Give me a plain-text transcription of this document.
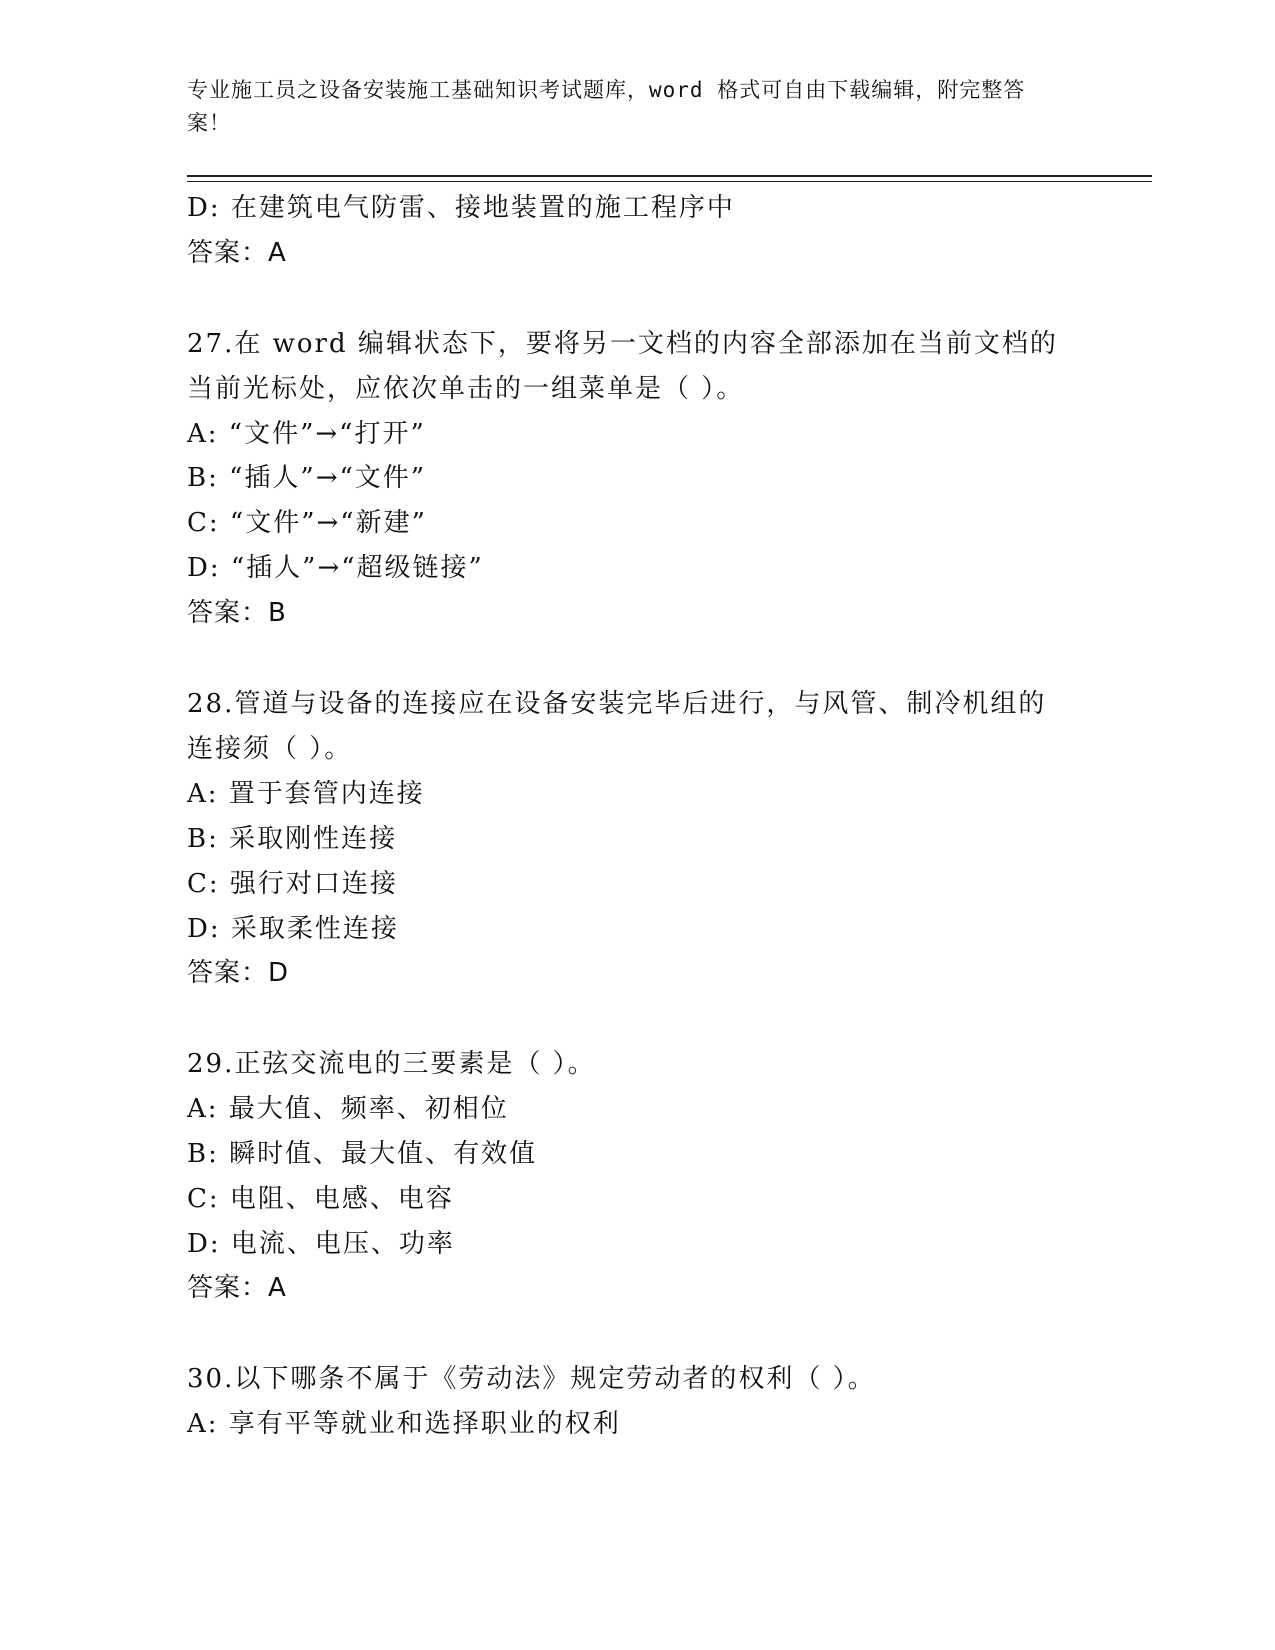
专业施工员之设备安装施工基础知识考试题库，word 格式可自由下载编辑，附完整答案！
D: 在建筑电气防雷、接地装置的施工程序中
答案：A
27.在 word 编辑状态下，要将另一文档的内容全部添加在当前文档的
当前光标处，应依次单击的一组菜单是（ ）。
A: “文件”→“打开”
B: “插人”→“文件”
C: “文件”→“新建”
D: “插人”→“超级链接”
答案：B
28.管道与设备的连接应在设备安装完毕后进行，与风管、制冷机组的
连接须（ ）。
A: 置于套管内连接
B: 采取刚性连接
C: 强行对口连接
D: 采取柔性连接
答案：D
29.正弦交流电的三要素是（ ）。
A: 最大值、频率、初相位
B: 瞬时值、最大值、有效值
C: 电阻、电感、电容
D: 电流、电压、功率
答案：A
30.以下哪条不属于《劳动法》规定劳动者的权利（ ）。
A: 享有平等就业和选择职业的权利
